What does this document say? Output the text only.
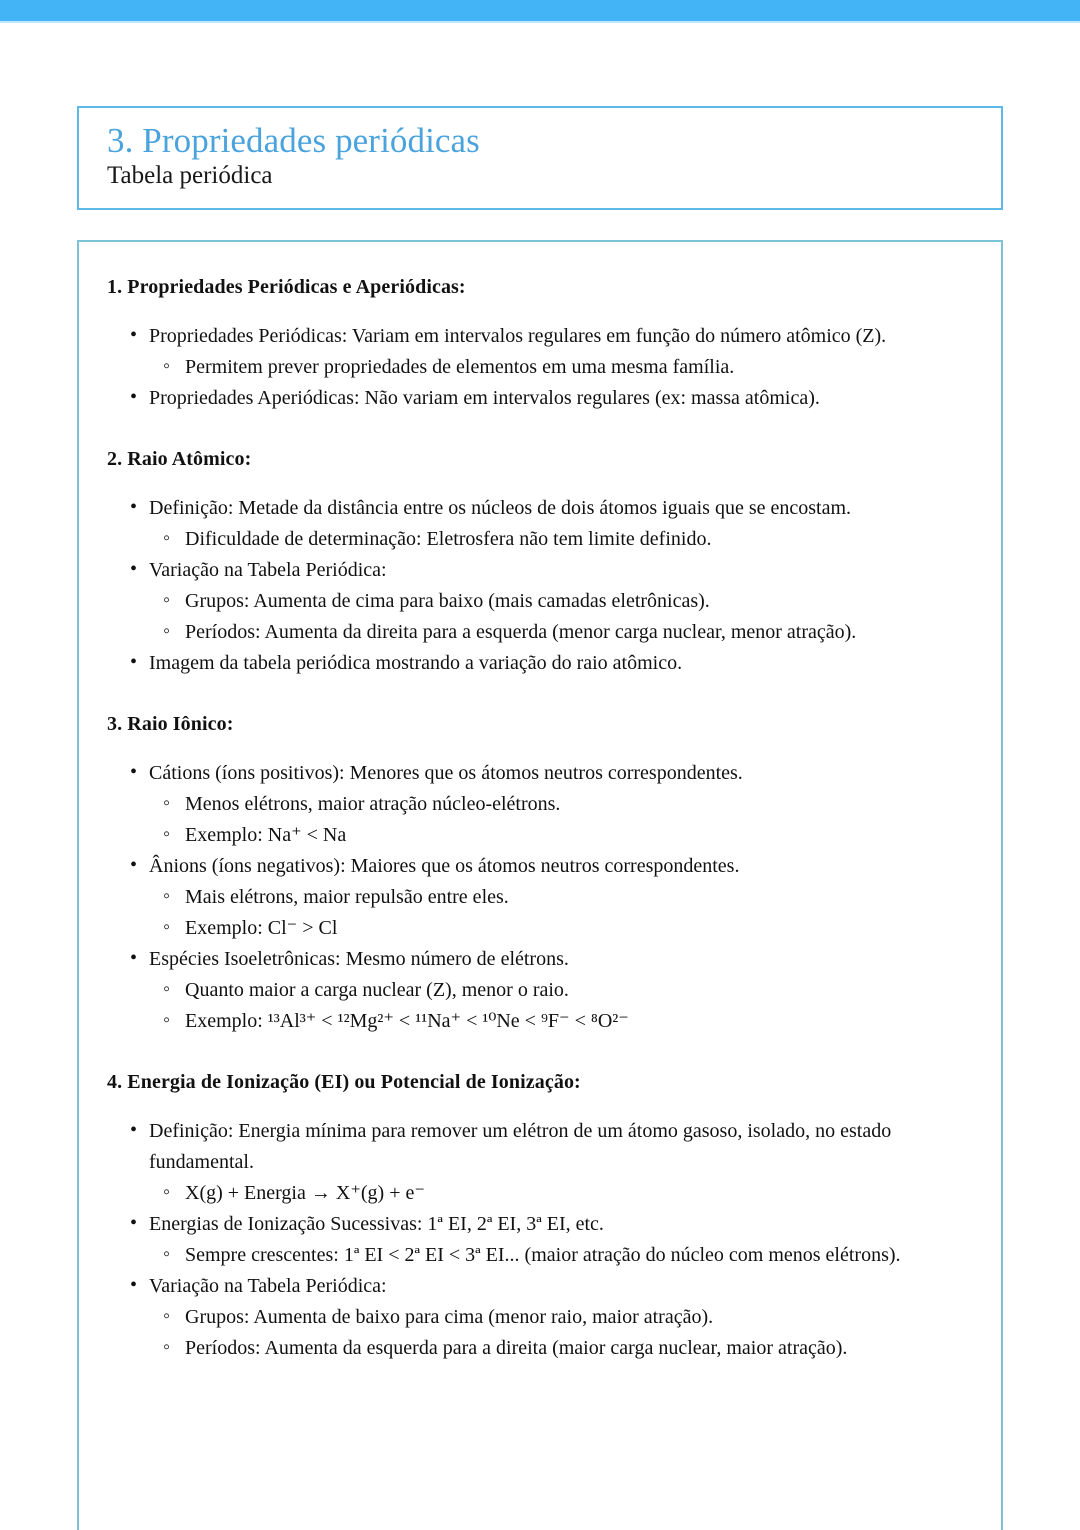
3. Propriedades periódicas
Tabela periódica
1. Propriedades Periódicas e Aperiódicas:
• Propriedades Periódicas: Variam em intervalos regulares em função do número atômico (Z).
◦ Permitem prever propriedades de elementos em uma mesma família.
• Propriedades Aperiódicas: Não variam em intervalos regulares (ex: massa atômica).
2. Raio Atômico:
• Definição: Metade da distância entre os núcleos de dois átomos iguais que se encostam.
◦ Dificuldade de determinação: Eletrosfera não tem limite definido.
• Variação na Tabela Periódica:
◦ Grupos: Aumenta de cima para baixo (mais camadas eletrônicas).
◦ Períodos: Aumenta da direita para a esquerda (menor carga nuclear, menor atração).
• Imagem da tabela periódica mostrando a variação do raio atômico.
3. Raio Iônico:
• Cátions (íons positivos): Menores que os átomos neutros correspondentes.
◦ Menos elétrons, maior atração núcleo-elétrons.
◦ Exemplo: Na⁺ < Na
• Ânions (íons negativos): Maiores que os átomos neutros correspondentes.
◦ Mais elétrons, maior repulsão entre eles.
◦ Exemplo: Cl⁻ > Cl
• Espécies Isoeletrônicas: Mesmo número de elétrons.
◦ Quanto maior a carga nuclear (Z), menor o raio.
◦ Exemplo: ¹³Al³⁺ < ¹²Mg²⁺ < ¹¹Na⁺ < ¹⁰Ne < ⁹F⁻ < ⁸O²⁻
4. Energia de Ionização (EI) ou Potencial de Ionização:
• Definição: Energia mínima para remover um elétron de um átomo gasoso, isolado, no estado fundamental.
◦ X(g) + Energia → X⁺(g) + e⁻
• Energias de Ionização Sucessivas: 1ª EI, 2ª EI, 3ª EI, etc.
◦ Sempre crescentes: 1ª EI < 2ª EI < 3ª EI... (maior atração do núcleo com menos elétrons).
• Variação na Tabela Periódica:
◦ Grupos: Aumenta de baixo para cima (menor raio, maior atração).
◦ Períodos: Aumenta da esquerda para a direita (maior carga nuclear, maior atração).
